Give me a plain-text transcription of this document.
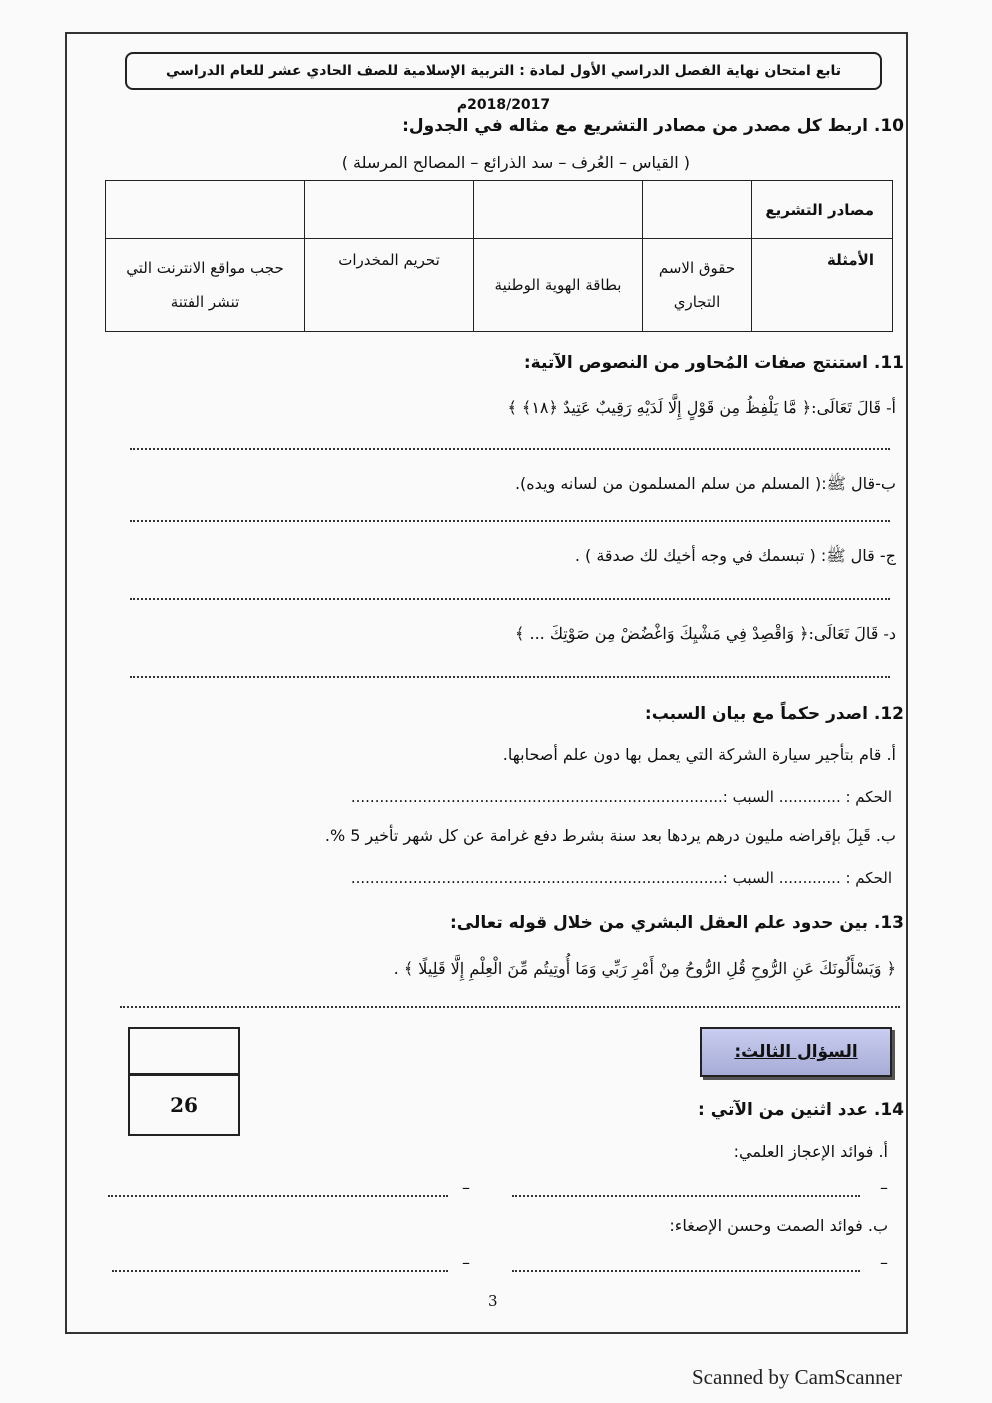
تابع امتحان نهاية الفصل الدراسي الأول لمادة : التربية الإسلامية للصف الحادي عشر للعام الدراسي 2018/2017م
10. اربط كل مصدر من مصادر التشريع مع مثاله في الجدول:
( القياس – العُرف – سد الذرائع – المصالح المرسلة )
مصادر التشريع				
الأمثلة	حقوق الاسم التجاري	بطاقة الهوية الوطنية	تحريم المخدرات	حجب مواقع الانترنت التي تنشر الفتنة
11. استنتج صفات المُحاور من النصوص الآتية:
أ- قَالَ تَعَالَى:﴿ مَّا يَلْفِظُ مِن قَوْلٍ إِلَّا لَدَيْهِ رَقِيبٌ عَتِيدٌ ﴿١٨﴾ ﴾
ب-قال ﷺ:( المسلم من سلم المسلمون من لسانه ويده).
ج- قال ﷺ: ( تبسمك في وجه أخيك لك صدقة ) .
د- قَالَ تَعَالَى:﴿ وَاقْصِدْ فِي مَشْيِكَ وَاغْضُضْ مِن صَوْتِكَ ... ﴾
12. اصدر حكماً مع بيان السبب:
أ. قام بتأجير سيارة الشركة التي يعمل بها دون علم أصحابها.
الحكم : ............. السبب :..............................................................................
ب. قَبِلَ بإقراضه مليون درهم يردها بعد سنة بشرط دفع غرامة عن كل شهر تأخير 5 %.
الحكم : ............. السبب :..............................................................................
13. بين حدود علم العقل البشري من خلال قوله تعالى:
﴿ وَيَسْأَلُونَكَ عَنِ الرُّوحِ قُلِ الرُّوحُ مِنْ أَمْرِ رَبِّي وَمَا أُوتِيتُم مِّنَ الْعِلْمِ إِلَّا قَلِيلًا ﴾ .
السؤال الثالث:
26	14. عدد اثنين من الآتي :
أ. فوائد الإعجاز العلمي:
–
–
ب. فوائد الصمت وحسن الإصغاء:
–
–
3
Scanned by CamScanner
